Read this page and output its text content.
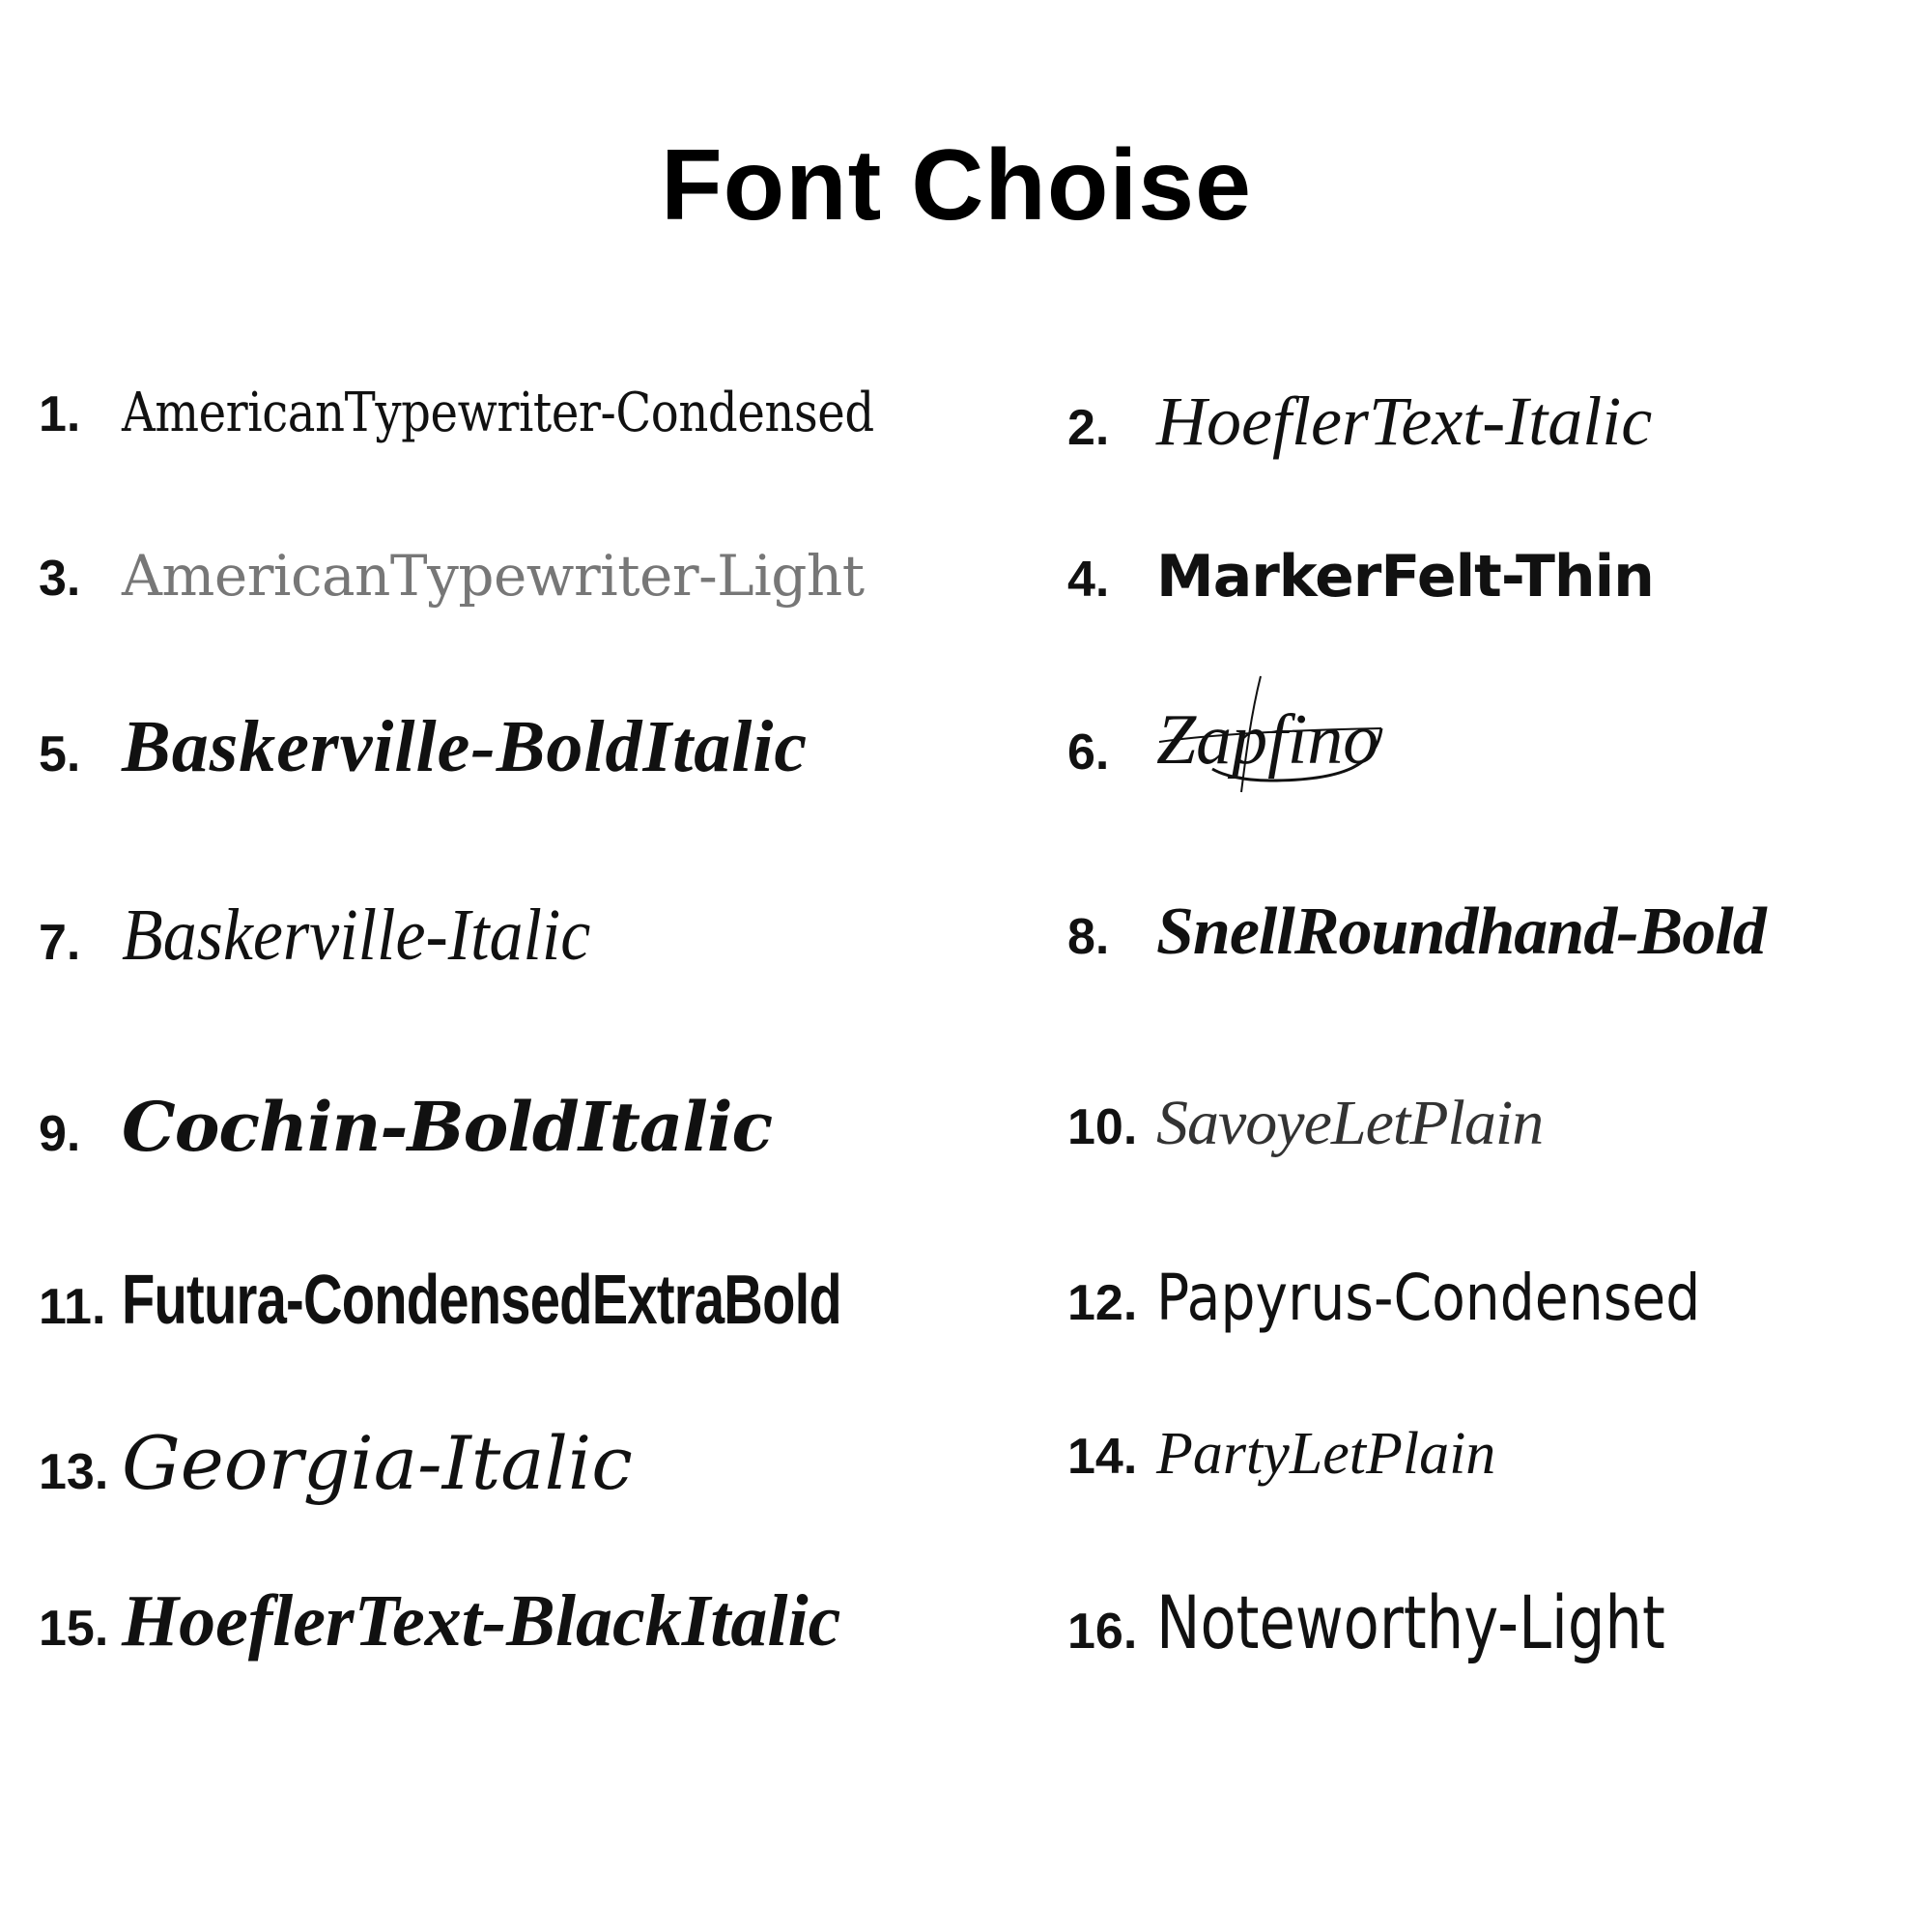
Font Choise
1. AmericanTypewriter-Condensed	2. HoeflerText-Italic
3. AmericanTypewriter-Light	4. MarkerFelt-Thin
5. Baskerville-BoldItalic	6. Zapfino
7. Baskerville-Italic	8. SnellRoundhand-Bold
9. Cochin-BoldItalic	10. SavoyeLetPlain
11. Futura-CondensedExtraBold	12. Papyrus-Condensed
13. Georgia-Italic	14. PartyLetPlain
15. HoeflerText-BlackItalic	16. Noteworthy-Light
